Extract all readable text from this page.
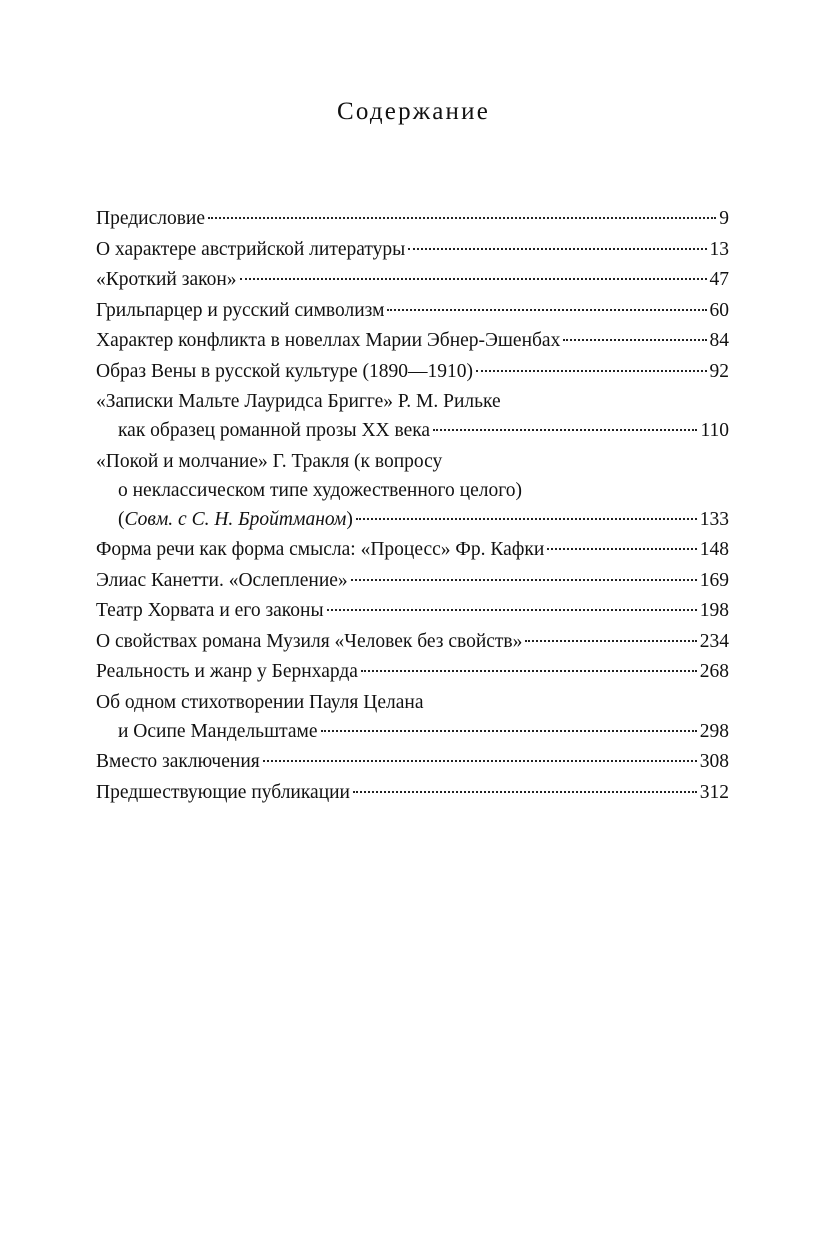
Содержание
Предисловие	9
О характере австрийской литературы	13
«Кроткий закон»	47
Грильпарцер и русский символизм	60
Характер конфликта в новеллах Марии Эбнер-Эшенбах	84
Образ Вены в русской культуре (1890—1910)	92
«Записки Мальте Лауридса Бригге» Р. М. Рильке
как образец романной прозы XX века	110
«Покой и молчание» Г. Тракля (к вопросу
о неклассическом типе художественного целого)
(Совм. с С. Н. Бройтманом)	133
Форма речи как форма смысла: «Процесс» Фр. Кафки	148
Элиас Канетти. «Ослепление»	169
Театр Хорвата и его законы	198
О свойствах романа Музиля «Человек без свойств»	234
Реальность и жанр у Бернхарда	268
Об одном стихотворении Пауля Целана
и Осипе Мандельштаме	298
Вместо заключения	308
Предшествующие публикации	312
